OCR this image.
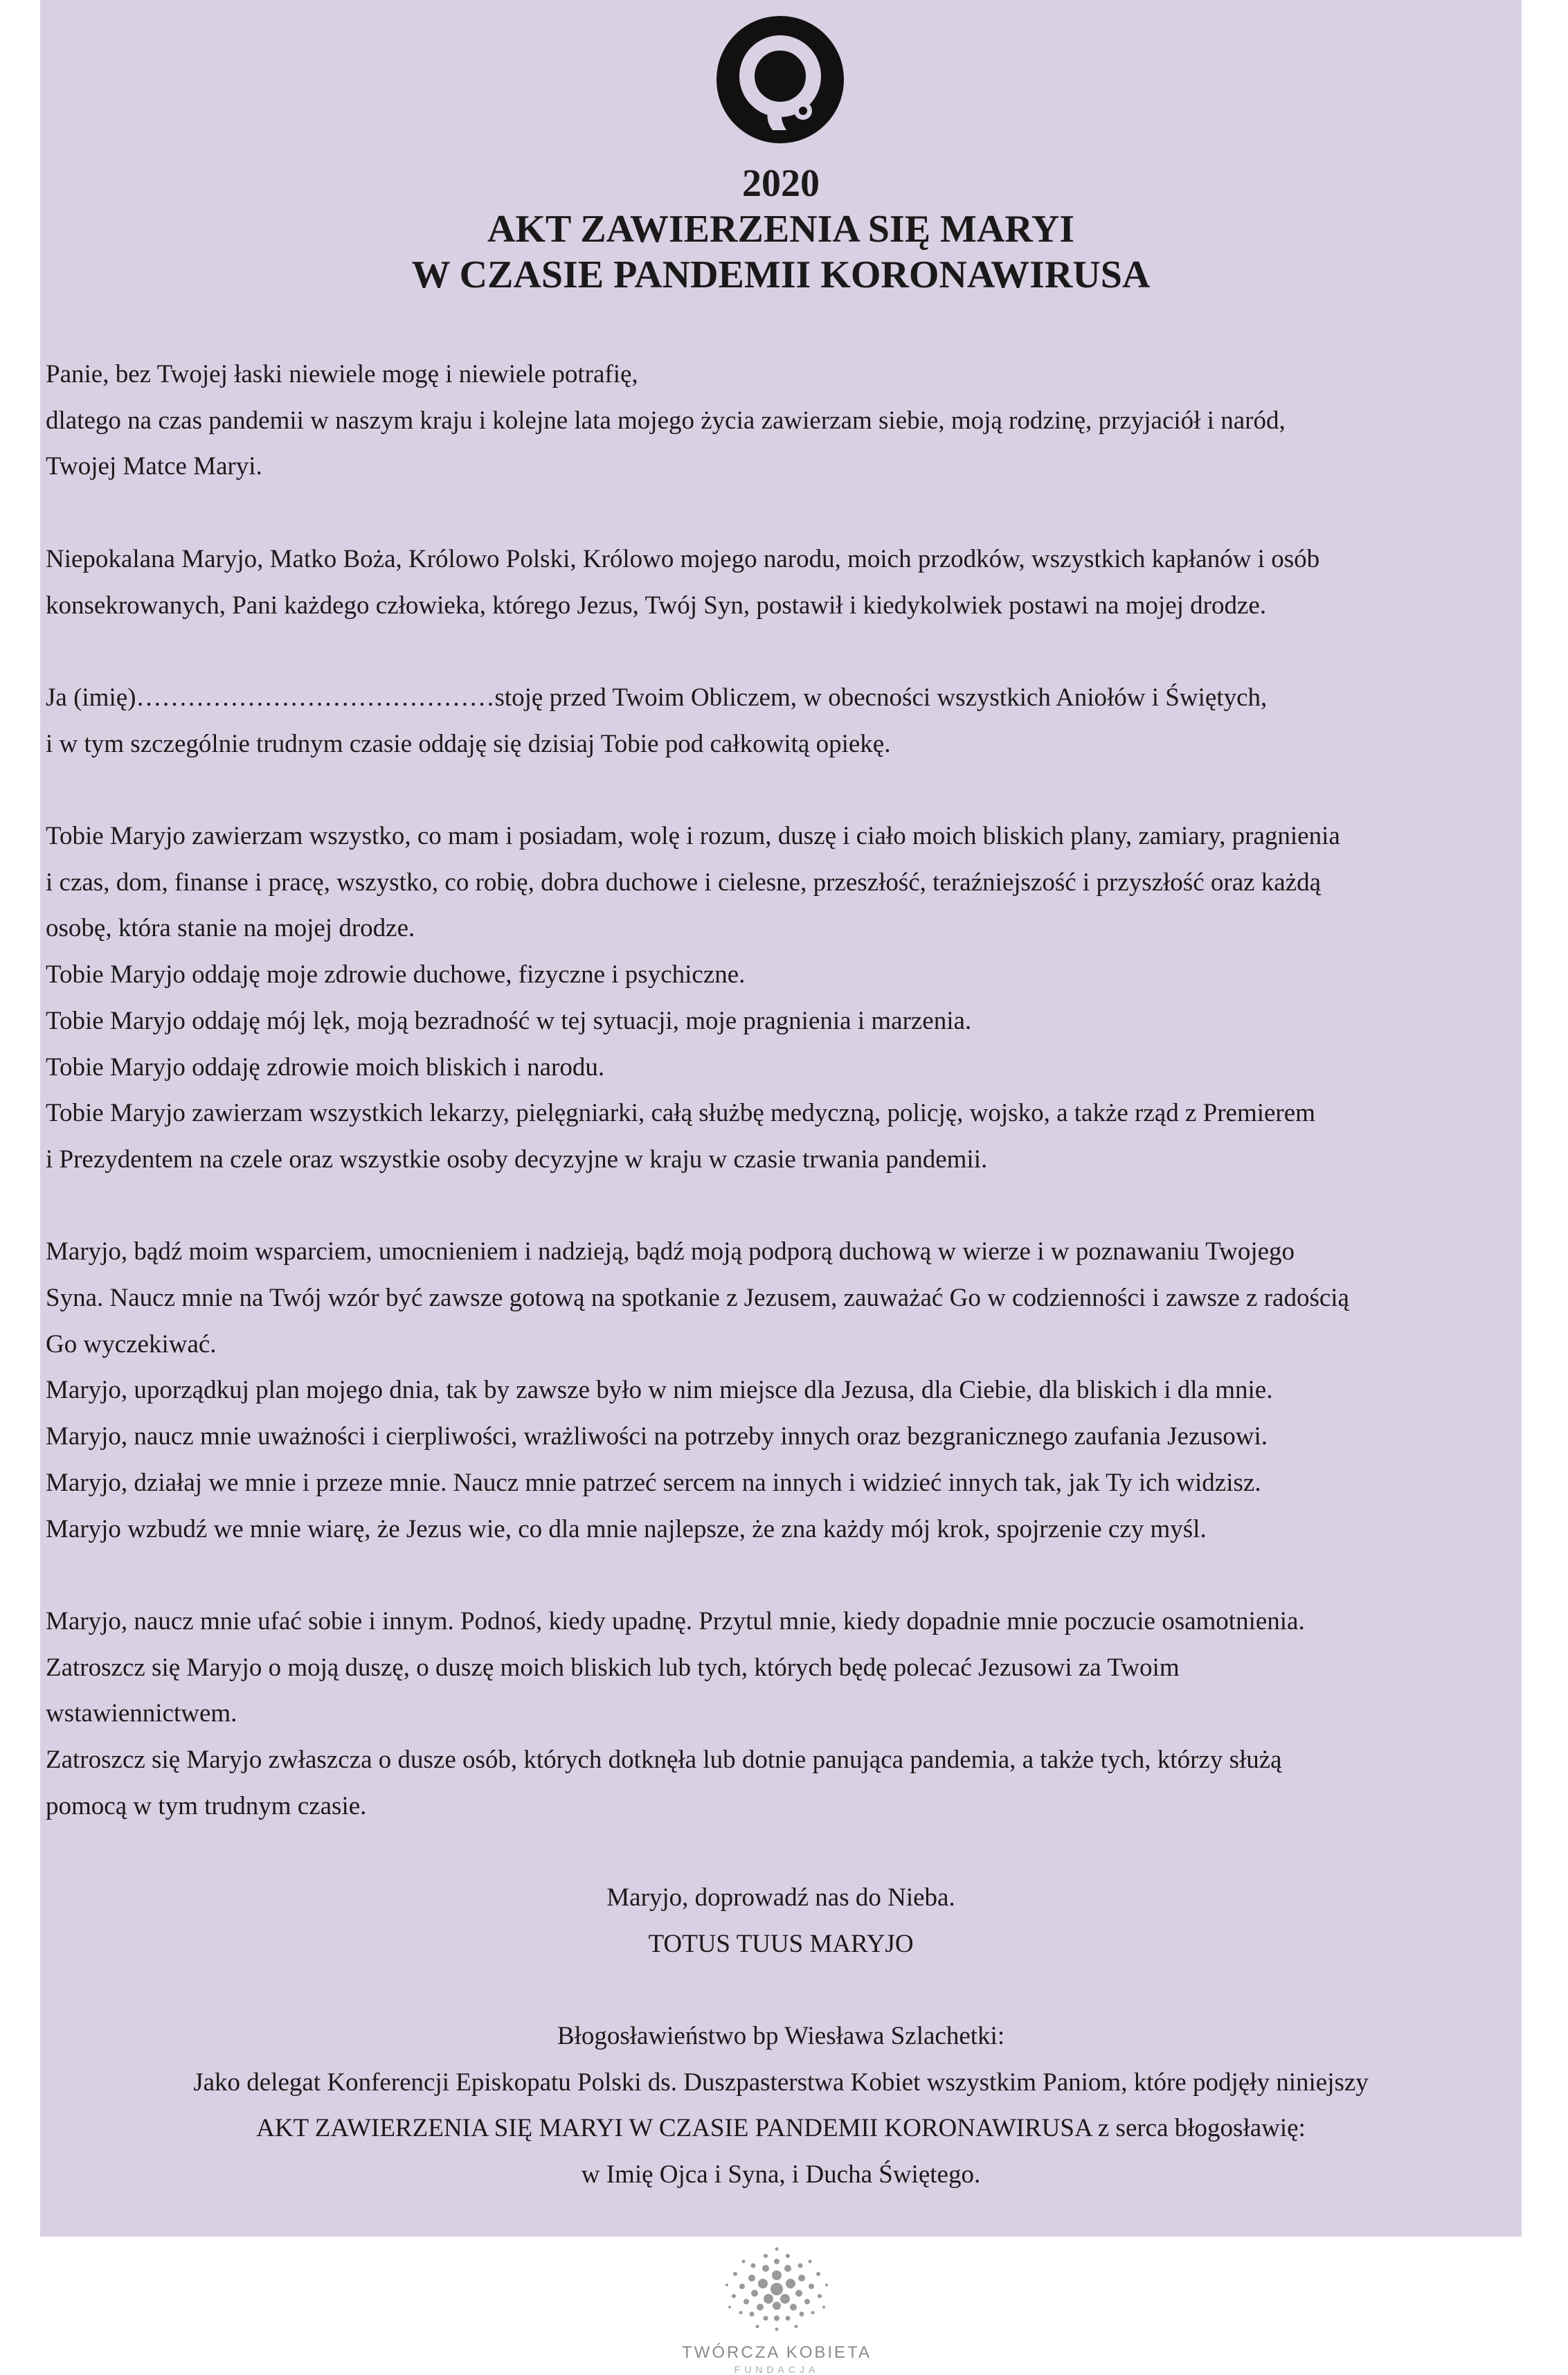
2020
AKT ZAWIERZENIA SIĘ MARYI
W CZASIE PANDEMII KORONAWIRUSA

Panie, bez Twojej łaski niewiele mogę i niewiele potrafię,

dlatego na czas pandemii w naszym kraju i kolejne lata mojego życia zawierzam siebie, moją rodzinę, przyjaciół i naród,

Twojej Matce Maryi.

Niepokalana Maryjo, Matko Boża, Królowo Polski, Królowo mojego narodu, moich przodków, wszystkich kapłanów i osób

konsekrowanych, Pani każdego człowieka, którego Jezus, Twój Syn, postawił i kiedykolwiek postawi na mojej drodze.

Ja (imię)……………………………………stoję przed Twoim Obliczem, w obecności wszystkich Aniołów i Świętych,

i w tym szczególnie trudnym czasie oddaję się dzisiaj Tobie pod całkowitą opiekę.

Tobie Maryjo zawierzam wszystko, co mam i posiadam, wolę i rozum, duszę i ciało moich bliskich plany, zamiary, pragnienia

i czas, dom, finanse i pracę, wszystko, co robię, dobra duchowe i cielesne, przeszłość, teraźniejszość i przyszłość oraz każdą

osobę, która stanie na mojej drodze.

Tobie Maryjo oddaję moje zdrowie duchowe, fizyczne i psychiczne.

Tobie Maryjo oddaję mój lęk, moją bezradność w tej sytuacji, moje pragnienia i marzenia.

Tobie Maryjo oddaję zdrowie moich bliskich i narodu.

Tobie Maryjo zawierzam wszystkich lekarzy, pielęgniarki, całą służbę medyczną, policję, wojsko, a także rząd z Premierem

i Prezydentem na czele oraz wszystkie osoby decyzyjne w kraju w czasie trwania pandemii.

Maryjo, bądź moim wsparciem, umocnieniem i nadzieją, bądź moją podporą duchową w wierze i w poznawaniu Twojego

Syna. Naucz mnie na Twój wzór być zawsze gotową na spotkanie z Jezusem, zauważać Go w codzienności i zawsze z radością

Go wyczekiwać.

Maryjo, uporządkuj plan mojego dnia, tak by zawsze było w nim miejsce dla Jezusa, dla Ciebie, dla bliskich i dla mnie.

Maryjo, naucz mnie uważności i cierpliwości, wrażliwości na potrzeby innych oraz bezgranicznego zaufania Jezusowi.

Maryjo, działaj we mnie i przeze mnie. Naucz mnie patrzeć sercem na innych i widzieć innych tak, jak Ty ich widzisz.

Maryjo wzbudź we mnie wiarę, że Jezus wie, co dla mnie najlepsze, że zna każdy mój krok, spojrzenie czy myśl.

Maryjo, naucz mnie ufać sobie i innym. Podnoś, kiedy upadnę. Przytul mnie, kiedy dopadnie mnie poczucie osamotnienia.

Zatroszcz się Maryjo o moją duszę, o duszę moich bliskich lub tych, których będę polecać Jezusowi za Twoim

wstawiennictwem.

Zatroszcz się Maryjo zwłaszcza o dusze osób, których dotknęła lub dotnie panująca pandemia, a także tych, którzy służą

pomocą w tym trudnym czasie.

Maryjo, doprowadź nas do Nieba.
TOTUS TUUS MARYJO
Błogosławieństwo bp Wiesława Szlachetki:
Jako delegat Konferencji Episkopatu Polski ds. Duszpasterstwa Kobiet wszystkim Paniom, które podjęły niniejszy
AKT ZAWIERZENIA SIĘ MARYI W CZASIE PANDEMII KORONAWIRUSA z serca błogosławię:
w Imię Ojca i Syna, i Ducha Świętego.
TWÓRCZA KOBIETA
FUNDACJA
